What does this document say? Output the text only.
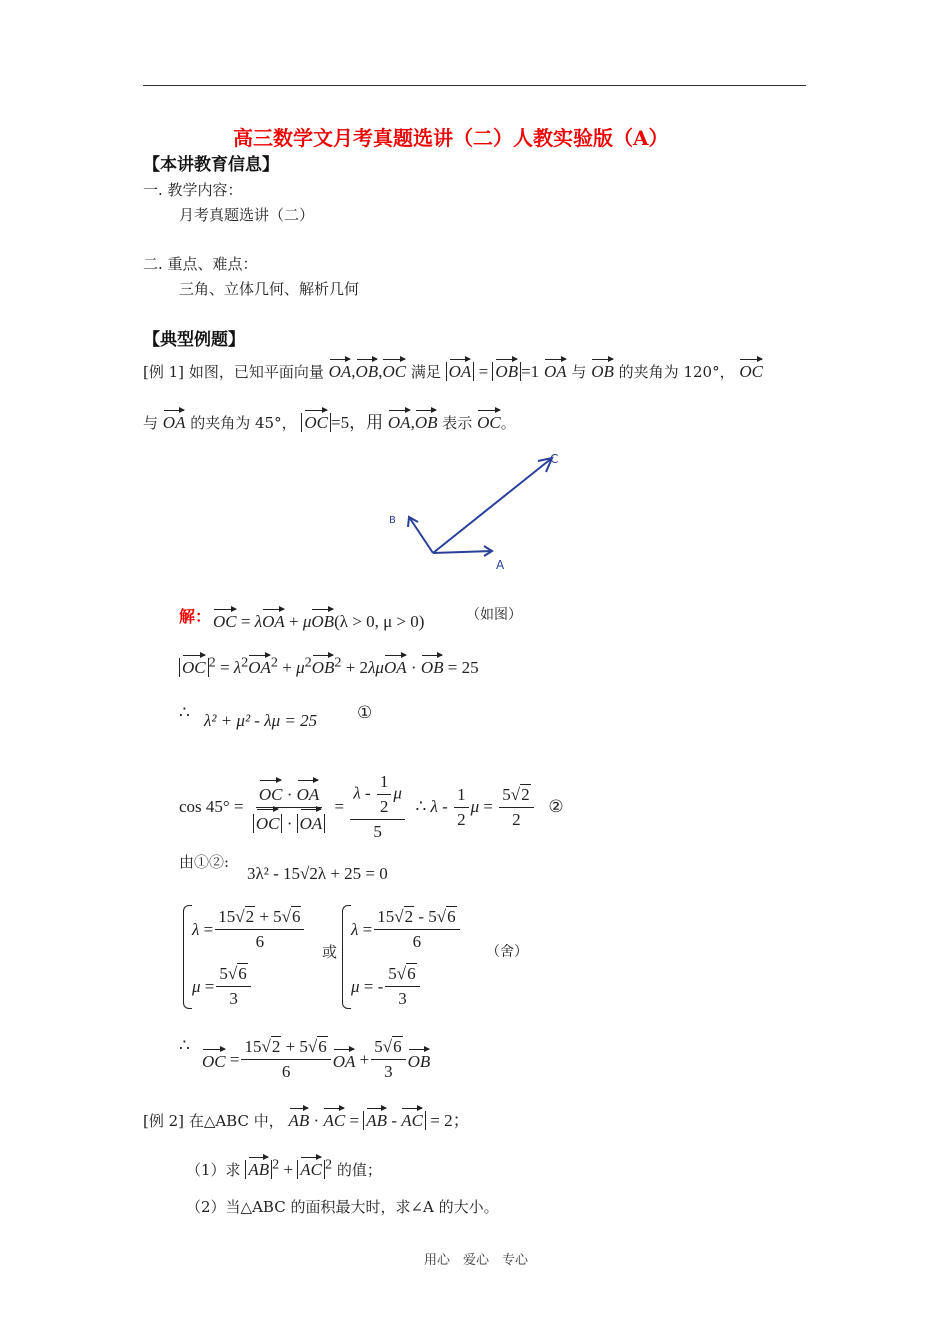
高三数学文月考真题选讲（二）人教实验版（A）
【本讲教育信息】
一. 教学内容：
月考真题选讲（二）
二. 重点、难点：
三角、立体几何、解析几何
【典型例题】
[例 1] 如图，已知平面向量 OA,OB,OC 满足 OA = OB =1 OA 与 OB 的夹角为 120°， OC
与 OA 的夹角为 45°， OC =5，用 OA,OB 表示 OC。
C
A
B
解： OC = λOA + μOB(λ > 0, μ > 0)	（如图）
OC $^2 = \lambda^2OA^2 + \mu^2OB^2 + 2\lambda\mu OA$ · OB = 25
∴ λ² + μ² - λμ = 25 ①
$\cos 45^\circ = \frac{OC \cdot OA}{OC \cdot OA} = \frac{\lambda - \frac{1}{2} \mu}{5}$ ∴ λ - $\frac{1}{2}$ $\mu = \frac{5√2}{2}$
②
由①②:
3λ² - 15√2λ + 25 = 0
$\lambda = \frac{15√2 + 5√6}{6}$
$\mu = \frac{5√6}{3}$
或
$\lambda = \frac{15√2 - 5√6}{6}$
μ = - $\frac{5√6}{3}$
（舍）
∴
OC = $\frac{15√2 + 5√6}{6}$ OA + $\frac{5√6}{3}$ OB
[例 2] 在△ABC 中， AB · AC = AB - AC = 2；
（1）求 AB $^2$ + AC $^2$ 的值；
（2）当△ABC 的面积最大时，求∠A 的大小。
用心　爱心　专心
